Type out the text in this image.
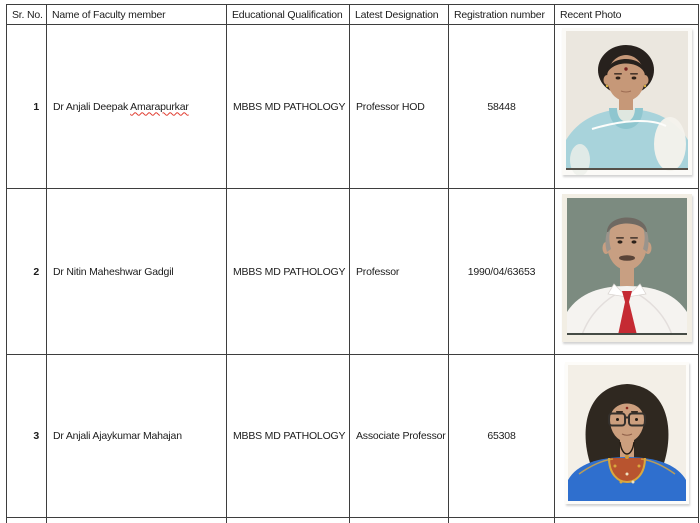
Sr. No.	Name of Faculty member	Educational Qualification	Latest Designation	Registration number	Recent Photo
1	Dr Anjali Deepak Amarapurkar	MBBS MD PATHOLOGY	Professor HOD	58448	
2	Dr Nitin Maheshwar Gadgil	MBBS MD PATHOLOGY	Professor	1990/04/63653	
3	Dr Anjali Ajaykumar Mahajan	MBBS MD PATHOLOGY	Associate Professor	65308	
